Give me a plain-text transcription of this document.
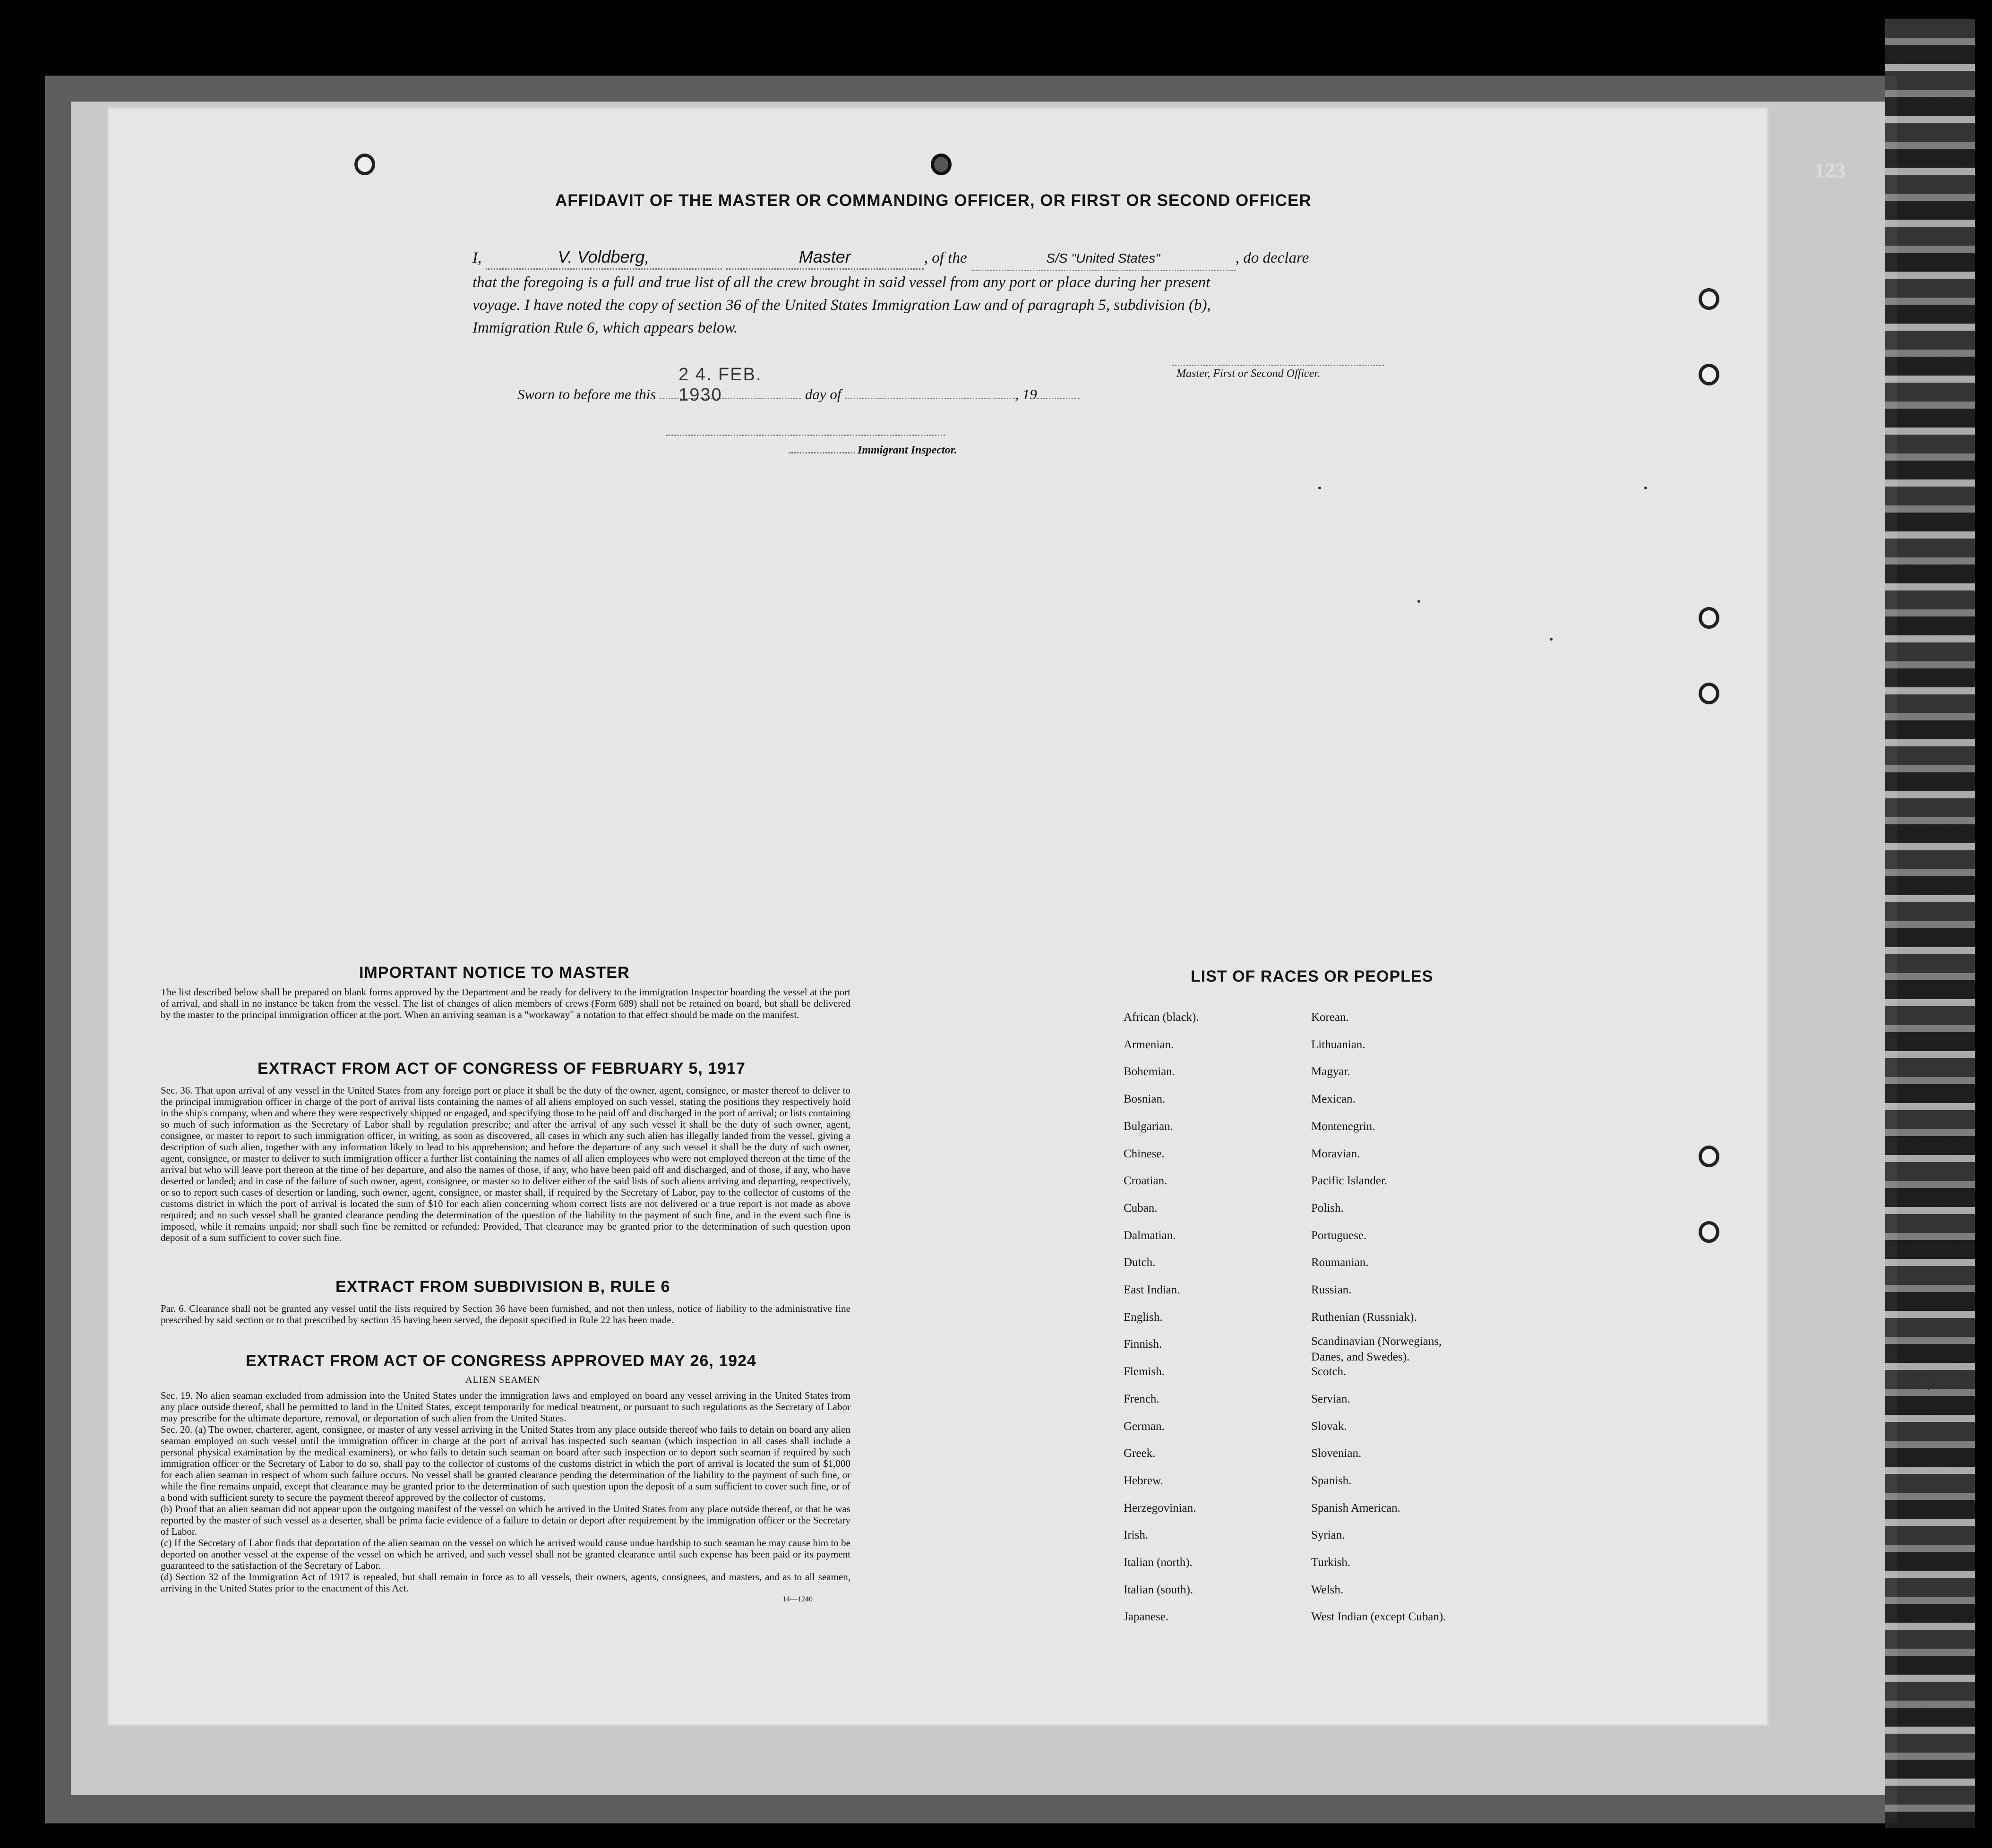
123
AFFIDAVIT OF THE MASTER OR COMMANDING OFFICER, OR FIRST OR SECOND OFFICER
I,	V. Voldberg,	Master	, of the	S/S "United States"	, do declare
that the foregoing is a full and true list of all the crew brought in said vessel from any port or place during her present
voyage. I have noted the copy of section 36 of the United States Immigration Law and of paragraph 5, subdivision (b),
Immigration Rule 6, which appears below.
Master, First or Second Officer.
Sworn to before me this
2 4. FEB. 1930	day of	, 19
Immigrant Inspector.
IMPORTANT NOTICE TO MASTER
The list described below shall be prepared on blank forms approved by the Department and be ready for delivery to the immigration Inspector boarding the vessel at the port of arrival, and shall in no instance be taken from the vessel. The list of changes of alien members of crews (Form 689) shall not be retained on board, but shall be delivered by the master to the principal immigration officer at the port. When an arriving seaman is a "workaway" a notation to that effect should be made on the manifest.
EXTRACT FROM ACT OF CONGRESS OF FEBRUARY 5, 1917
Sec. 36. That upon arrival of any vessel in the United States from any foreign port or place it shall be the duty of the owner, agent, consignee, or master thereof to deliver to the principal immigration officer in charge of the port of arrival lists containing the names of all aliens employed on such vessel, stating the positions they respectively hold in the ship's company, when and where they were respectively shipped or engaged, and specifying those to be paid off and discharged in the port of arrival; or lists containing so much of such information as the Secretary of Labor shall by regulation prescribe; and after the arrival of any such vessel it shall be the duty of such owner, agent, consignee, or master to report to such immigration officer, in writing, as soon as discovered, all cases in which any such alien has illegally landed from the vessel, giving a description of such alien, together with any information likely to lead to his apprehension; and before the departure of any such vessel it shall be the duty of such owner, agent, consignee, or master to deliver to such immigration officer a further list containing the names of all alien employees who were not employed thereon at the time of the arrival but who will leave port thereon at the time of her departure, and also the names of those, if any, who have been paid off and discharged, and of those, if any, who have deserted or landed; and in case of the failure of such owner, agent, consignee, or master so to deliver either of the said lists of such aliens arriving and departing, respectively, or so to report such cases of desertion or landing, such owner, agent, consignee, or master shall, if required by the Secretary of Labor, pay to the collector of customs of the customs district in which the port of arrival is located the sum of $10 for each alien concerning whom correct lists are not delivered or a true report is not made as above required; and no such vessel shall be granted clearance pending the determination of the question of the liability to the payment of such fine, and in the event such fine is imposed, while it remains unpaid; nor shall such fine be remitted or refunded: Provided, That clearance may be granted prior to the determination of such question upon deposit of a sum sufficient to cover such fine.
EXTRACT FROM SUBDIVISION B, RULE 6
Par. 6. Clearance shall not be granted any vessel until the lists required by Section 36 have been furnished, and not then unless, notice of liability to the administrative fine prescribed by said section or to that prescribed by section 35 having been served, the deposit specified in Rule 22 has been made.
EXTRACT FROM ACT OF CONGRESS APPROVED MAY 26, 1924
ALIEN SEAMEN
Sec. 19. No alien seaman excluded from admission into the United States under the immigration laws and employed on board any vessel arriving in the United States from any place outside thereof, shall be permitted to land in the United States, except temporarily for medical treatment, or pursuant to such regulations as the Secretary of Labor may prescribe for the ultimate departure, removal, or deportation of such alien from the United States.
Sec. 20. (a) The owner, charterer, agent, consignee, or master of any vessel arriving in the United States from any place outside thereof who fails to detain on board any alien seaman employed on such vessel until the immigration officer in charge at the port of arrival has inspected such seaman (which inspection in all cases shall include a personal physical examination by the medical examiners), or who fails to detain such seaman on board after such inspection or to deport such seaman if required by such immigration officer or the Secretary of Labor to do so, shall pay to the collector of customs of the customs district in which the port of arrival is located the sum of $1,000 for each alien seaman in respect of whom such failure occurs. No vessel shall be granted clearance pending the determination of the liability to the payment of such fine, or while the fine remains unpaid, except that clearance may be granted prior to the determination of such question upon the deposit of a sum sufficient to cover such fine, or of a bond with sufficient surety to secure the payment thereof approved by the collector of customs.
(b) Proof that an alien seaman did not appear upon the outgoing manifest of the vessel on which he arrived in the United States from any place outside thereof, or that he was reported by the master of such vessel as a deserter, shall be prima facie evidence of a failure to detain or deport after requirement by the immigration officer or the Secretary of Labor.
(c) If the Secretary of Labor finds that deportation of the alien seaman on the vessel on which he arrived would cause undue hardship to such seaman he may cause him to be deported on another vessel at the expense of the vessel on which he arrived, and such vessel shall not be granted clearance until such expense has been paid or its payment guaranteed to the satisfaction of the Secretary of Labor.
(d) Section 32 of the Immigration Act of 1917 is repealed, but shall remain in force as to all vessels, their owners, agents, consignees, and masters, and as to all seamen, arriving in the United States prior to the enactment of this Act.
14—1240
LIST OF RACES OR PEOPLES
African (black).
Armenian.
Bohemian.
Bosnian.
Bulgarian.
Chinese.
Croatian.
Cuban.
Dalmatian.
Dutch.
East Indian.
English.
Finnish.
Flemish.
French.
German.
Greek.
Hebrew.
Herzegovinian.
Irish.
Italian (north).
Italian (south).
Japanese.
Korean.
Lithuanian.
Magyar.
Mexican.
Montenegrin.
Moravian.
Pacific Islander.
Polish.
Portuguese.
Roumanian.
Russian.
Ruthenian (Russniak).
Scandinavian (Norwegians,
Danes, and Swedes).
Scotch.
Servian.
Slovak.
Slovenian.
Spanish.
Spanish American.
Syrian.
Turkish.
Welsh.
West Indian (except Cuban).
us) 9/c.
